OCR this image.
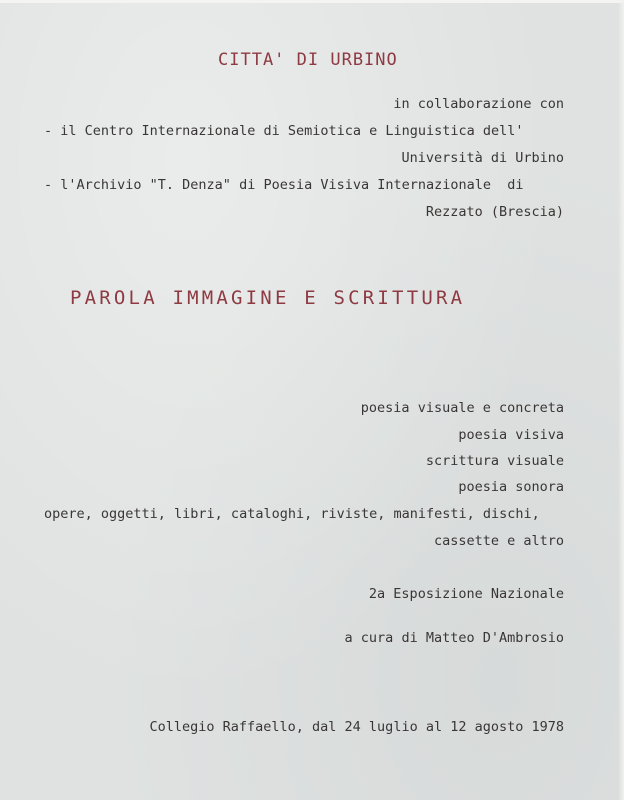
CITTA' DI URBINO

in collaborazione con

- il Centro Internazionale di Semiotica e Linguistica dell'

Università di Urbino

- l'Archivio "T. Denza" di Poesia Visiva Internazionale  di

Rezzato (Brescia)

PAROLA IMMAGINE E SCRITTURA

poesia visuale e concreta

poesia visiva

scrittura visuale

poesia sonora

opere, oggetti, libri, cataloghi, riviste, manifesti, dischi,

cassette e altro

2a Esposizione Nazionale

a cura di Matteo D'Ambrosio

Collegio Raffaello, dal 24 luglio al 12 agosto 1978
